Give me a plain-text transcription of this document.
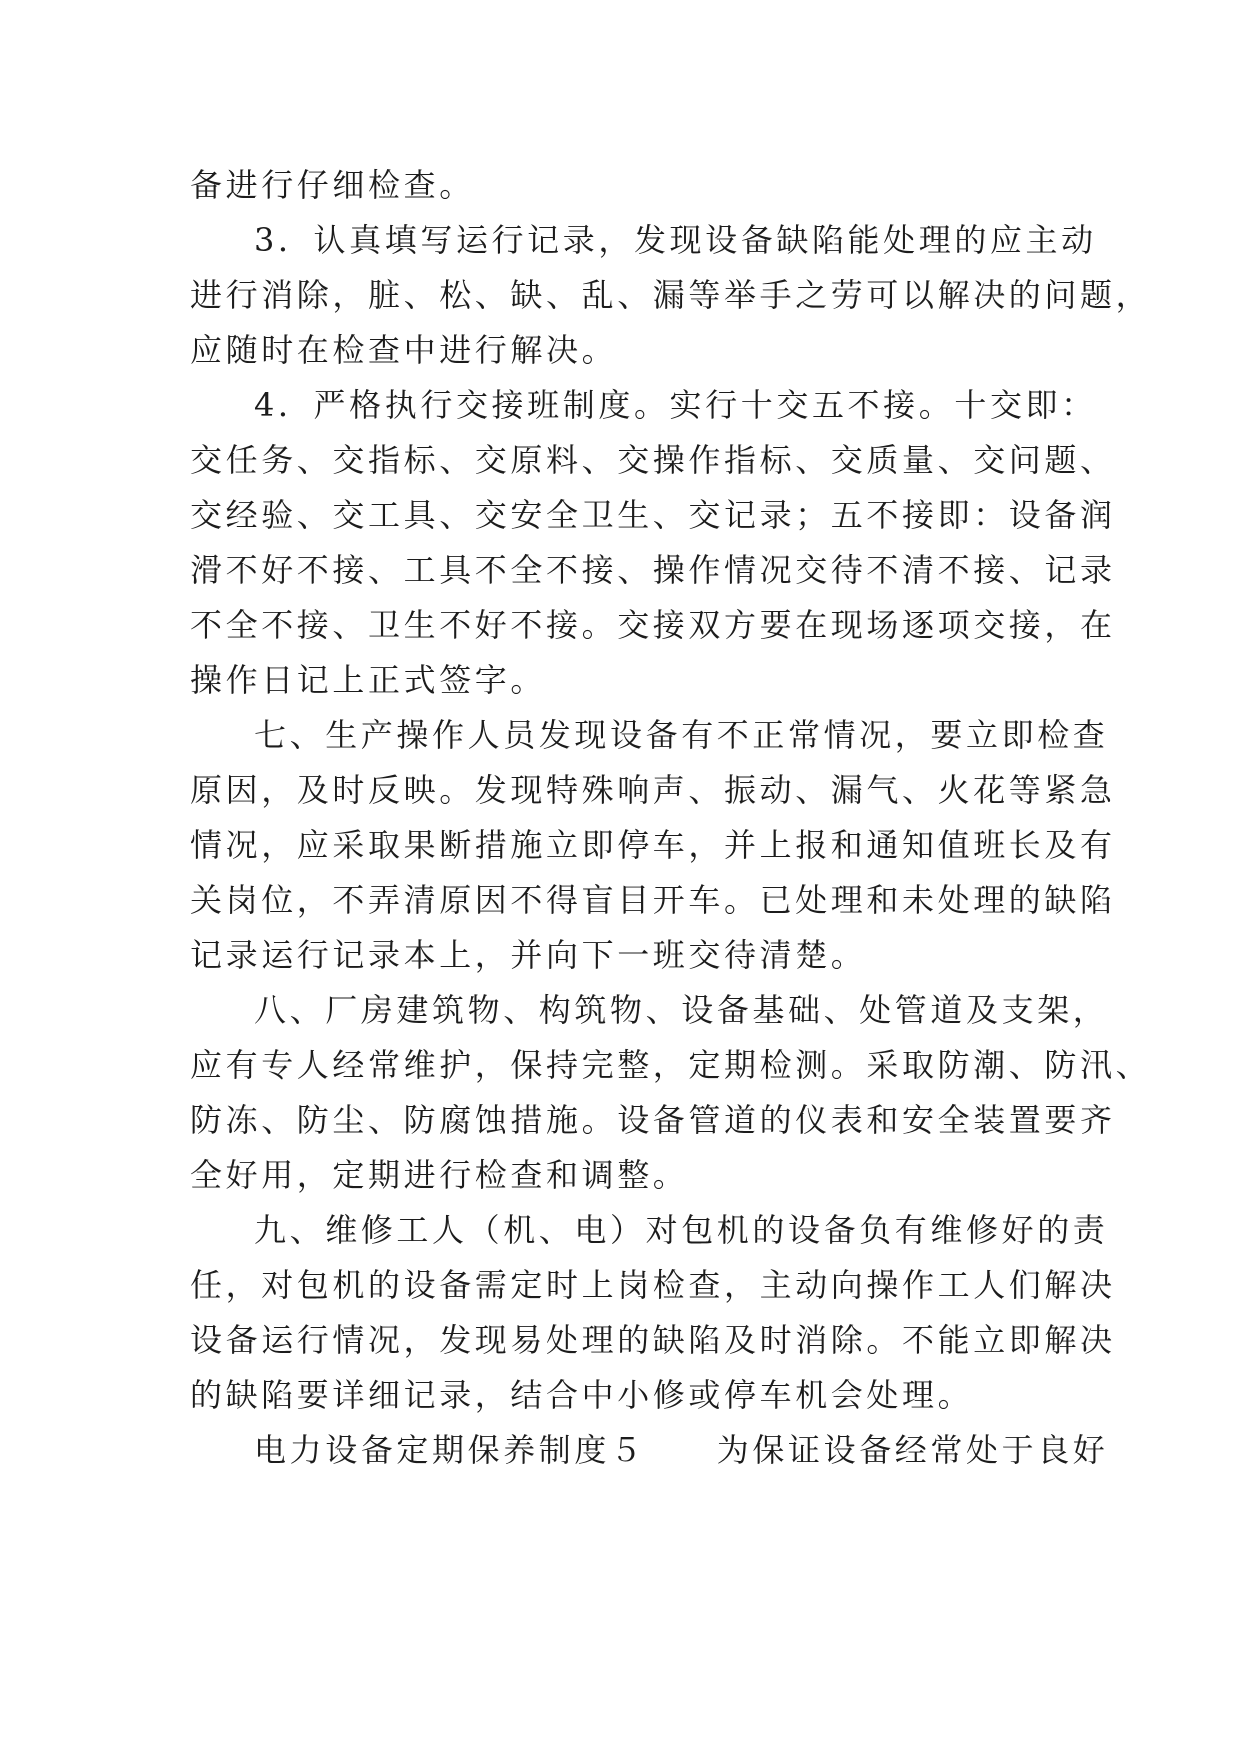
备进行仔细检查。
3．认真填写运行记录，发现设备缺陷能处理的应主动
进行消除，脏、松、缺、乱、漏等举手之劳可以解决的问题，
应随时在检查中进行解决。
4．严格执行交接班制度。实行十交五不接。十交即：
交任务、交指标、交原料、交操作指标、交质量、交问题、
交经验、交工具、交安全卫生、交记录；五不接即：设备润
滑不好不接、工具不全不接、操作情况交待不清不接、记录
不全不接、卫生不好不接。交接双方要在现场逐项交接，在
操作日记上正式签字。
七、生产操作人员发现设备有不正常情况，要立即检查
原因，及时反映。发现特殊响声、振动、漏气、火花等紧急
情况，应采取果断措施立即停车，并上报和通知值班长及有
关岗位，不弄清原因不得盲目开车。已处理和未处理的缺陷
记录运行记录本上，并向下一班交待清楚。
八、厂房建筑物、构筑物、设备基础、处管道及支架，
应有专人经常维护，保持完整，定期检测。采取防潮、防汛、
防冻、防尘、防腐蚀措施。设备管道的仪表和安全装置要齐
全好用，定期进行检查和调整。
九、维修工人（机、电）对包机的设备负有维修好的责
任，对包机的设备需定时上岗检查，主动向操作工人们解决
设备运行情况，发现易处理的缺陷及时消除。不能立即解决
的缺陷要详细记录，结合中小修或停车机会处理。
电力设备定期保养制度５　　为保证设备经常处于良好
